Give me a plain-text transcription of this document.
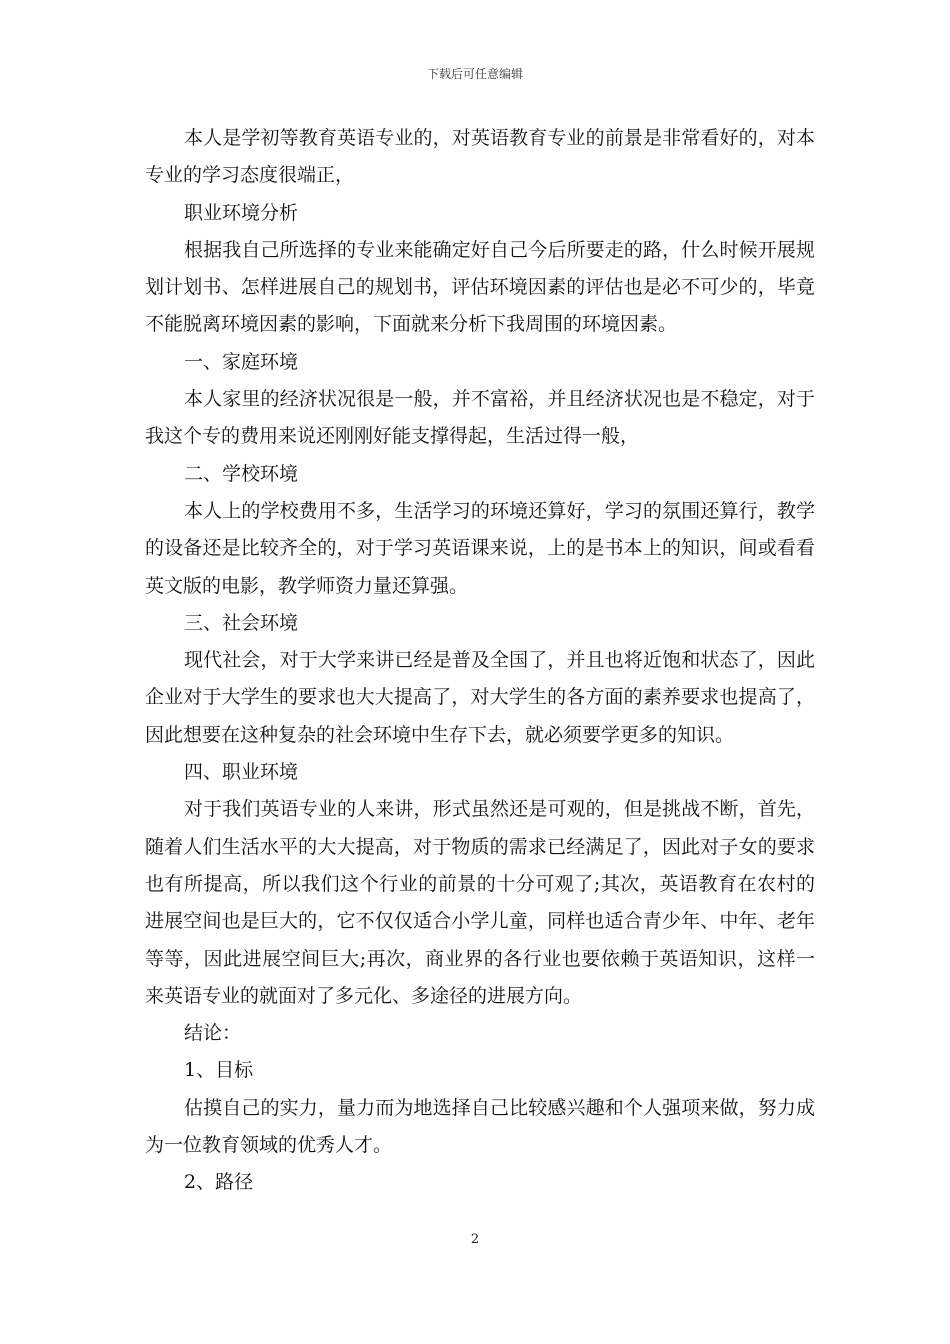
下载后可任意编辑

本人是学初等教育英语专业的，对英语教育专业的前景是非常看好的，对本专业的学习态度很端正，

职业环境分析

根据我自己所选择的专业来能确定好自己今后所要走的路，什么时候开展规划计划书、怎样进展自己的规划书，评估环境因素的评估也是必不可少的，毕竟不能脱离环境因素的影响，下面就来分析下我周围的环境因素。

一、家庭环境

本人家里的经济状况很是一般，并不富裕，并且经济状况也是不稳定，对于我这个专的费用来说还刚刚好能支撑得起，生活过得一般，

二、学校环境

本人上的学校费用不多，生活学习的环境还算好，学习的氛围还算行，教学的设备还是比较齐全的，对于学习英语课来说，上的是书本上的知识，间或看看英文版的电影，教学师资力量还算强。

三、社会环境

现代社会，对于大学来讲已经是普及全国了，并且也将近饱和状态了，因此企业对于大学生的要求也大大提高了，对大学生的各方面的素养要求也提高了，因此想要在这种复杂的社会环境中生存下去，就必须要学更多的知识。

四、职业环境

对于我们英语专业的人来讲，形式虽然还是可观的，但是挑战不断，首先，随着人们生活水平的大大提高，对于物质的需求已经满足了，因此对子女的要求也有所提高，所以我们这个行业的前景的十分可观了;其次，英语教育在农村的进展空间也是巨大的，它不仅仅适合小学儿童，同样也适合青少年、中年、老年等等，因此进展空间巨大;再次，商业界的各行业也要依赖于英语知识，这样一来英语专业的就面对了多元化、多途径的进展方向。

结论：

1、目标

估摸自己的实力，量力而为地选择自己比较感兴趣和个人强项来做，努力成为一位教育领域的优秀人才。

2、路径

2
